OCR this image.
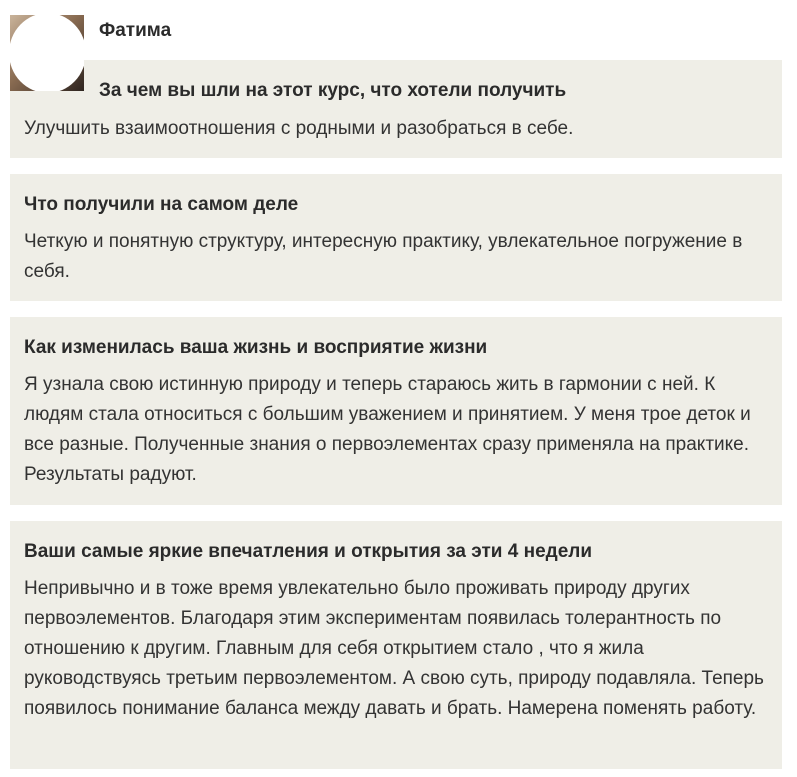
Фатима

За чем вы шли на этот курс, что хотели получить

Улучшить взаимоотношения с родными и разобраться в себе.

Что получили на самом деле

Четкую и понятную структуру, интересную практику, увлекательное погружение в себя.

Как изменилась ваша жизнь и восприятие жизни

Я узнала свою истинную природу и теперь стараюсь жить в гармонии с ней. К людям стала относиться с большим уважением и принятием. У меня трое деток и все разные. Полученные знания о первоэлементах сразу применяла на практике. Результаты радуют.

Ваши самые яркие впечатления и открытия за эти 4 недели

Непривычно и в тоже время увлекательно было проживать природу других первоэлементов. Благодаря этим экспериментам появилась толерантность по отношению к другим. Главным для себя открытием стало , что я жила руководствуясь третьим первоэлементом. А свою суть, природу подавляла. Теперь появилось понимание баланса между давать и брать. Намерена поменять работу.
